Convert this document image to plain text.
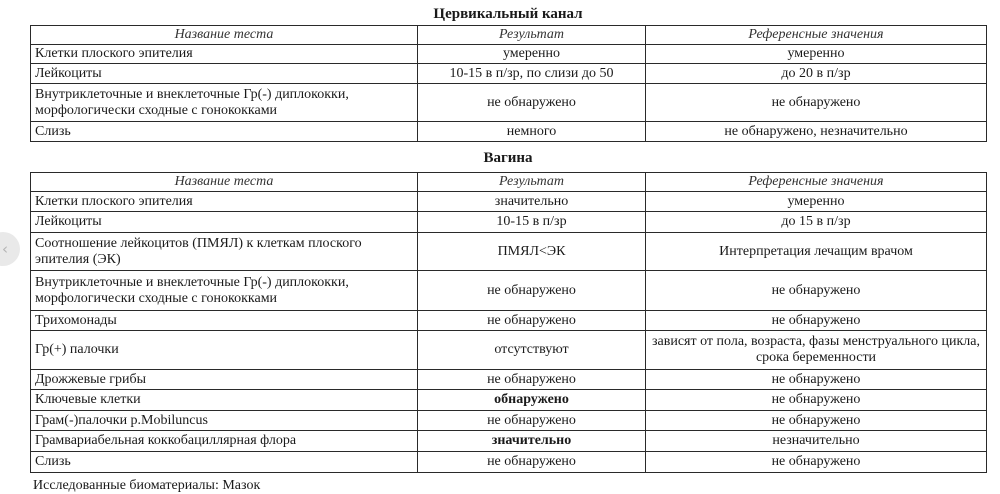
‹
Цервикальный канал
Название теста	Результат	Референсные значения
Клетки плоского эпителия	умеренно	умеренно
Лейкоциты	10-15 в п/зр, по слизи до 50	до 20 в п/зр
Внутриклеточные и внеклеточные Гр(-) диплококки, морфологически сходные с гонококками	не обнаружено	не обнаружено
Слизь	немного	не обнаружено, незначительно
Вагина
Название теста	Результат	Референсные значения
Клетки плоского эпителия	значительно	умеренно
Лейкоциты	10-15 в п/зр	до 15 в п/зр
Соотношение лейкоцитов (ПМЯЛ) к клеткам плоского эпителия (ЭК)	ПМЯЛ<ЭК	Интерпретация лечащим врачом
Внутриклеточные и внеклеточные Гр(-) диплококки, морфологически сходные с гонококками	не обнаружено	не обнаружено
Трихомонады	не обнаружено	не обнаружено
Гр(+) палочки	отсутствуют	зависят от пола, возраста, фазы менструального цикла, срока беременности
Дрожжевые грибы	не обнаружено	не обнаружено
Ключевые клетки	обнаружено	не обнаружено
Грам(-)палочки р.Mobiluncus	не обнаружено	не обнаружено
Грамвариабельная коккобациллярная флора	значительно	незначительно
Слизь	не обнаружено	не обнаружено
Исследованные биоматериалы: Мазок
